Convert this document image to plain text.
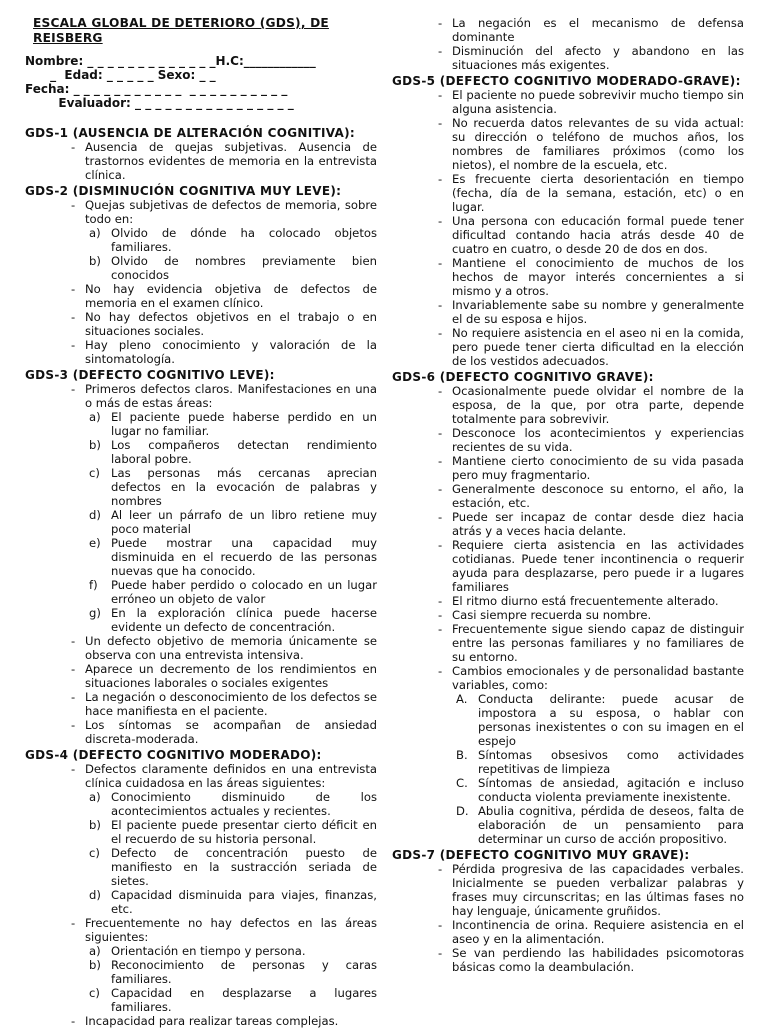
ESCALA GLOBAL DE DETERIORO (GDS), DE REISBERG
Nombre: _ _ _ _ _ _ _ _ _ _ _ _ _H.C:____________
_  Edad: _ _ _ _ _ Sexo: _ _
Fecha: _ _ _ _ _ _ _ _ _ _ _  _ _ _ _ _ _ _ _ _ _
Evaluador: _ _ _ _ _ _ _ _ _ _ _ _ _ _ _ _
GDS-1 (AUSENCIA DE ALTERACIÓN COGNITIVA):
- Ausencia de quejas subjetivas. Ausencia de trastornos evidentes de memoria en la entrevista clínica.
GDS-2 (DISMINUCIÓN COGNITIVA MUY LEVE):
- Quejas subjetivas de defectos de memoria, sobre todo en:
a) Olvido de dónde ha colocado objetos familiares.
b) Olvido de nombres previamente bien conocidos
- No hay evidencia objetiva de defectos de memoria en el examen clínico.
- No hay defectos objetivos en el trabajo o en situaciones sociales.
- Hay pleno conocimiento y valoración de la sintomatología.
GDS-3 (DEFECTO COGNITIVO LEVE):
- Primeros defectos claros. Manifestaciones en una o más de estas áreas:
a) El paciente puede haberse perdido en un lugar no familiar.
b) Los compañeros detectan rendimiento laboral pobre.
c) Las personas más cercanas aprecian defectos en la evocación de palabras y nombres
d) Al leer un párrafo de un libro retiene muy poco material
e) Puede mostrar una capacidad muy disminuida en el recuerdo de las personas nuevas que ha conocido.
f) Puede haber perdido o colocado en un lugar erróneo un objeto de valor
g) En la exploración clínica puede hacerse evidente un defecto de concentración.
- Un defecto objetivo de memoria únicamente se observa con una entrevista intensiva.
- Aparece un decremento de los rendimientos en situaciones laborales o sociales exigentes
- La negación o desconocimiento de los defectos se hace manifiesta en el paciente.
- Los síntomas se acompañan de ansiedad discreta-moderada.
GDS-4 (DEFECTO COGNITIVO MODERADO):
- Defectos claramente definidos en una entrevista clínica cuidadosa en las áreas siguientes:
a) Conocimiento disminuido de los acontecimientos actuales y recientes.
b) El paciente puede presentar cierto déficit en el recuerdo de su historia personal.
c) Defecto de concentración puesto de manifiesto en la sustracción seriada de sietes.
d) Capacidad disminuida para viajes, finanzas, etc.
- Frecuentemente no hay defectos en las áreas siguientes:
a) Orientación en tiempo y persona.
b) Reconocimiento de personas y caras familiares.
c) Capacidad en desplazarse a lugares familiares.
- Incapacidad para realizar tareas complejas.
- La negación es el mecanismo de defensa dominante
- Disminución del afecto y abandono en las situaciones más exigentes.
GDS-5 (DEFECTO COGNITIVO MODERADO-GRAVE):
- El paciente no puede sobrevivir mucho tiempo sin alguna asistencia.
- No recuerda datos relevantes de su vida actual: su dirección o teléfono de muchos años, los nombres de familiares próximos (como los nietos), el nombre de la escuela, etc.
- Es frecuente cierta desorientación en tiempo (fecha, día de la semana, estación, etc) o en lugar.
- Una persona con educación formal puede tener dificultad contando hacia atrás desde 40 de cuatro en cuatro, o desde 20 de dos en dos.
- Mantiene el conocimiento de muchos de los hechos de mayor interés concernientes a si mismo y a otros.
- Invariablemente sabe su nombre y generalmente el de su esposa e hijos.
- No requiere asistencia en el aseo ni en la comida, pero puede tener cierta dificultad en la elección de los vestidos adecuados.
GDS-6 (DEFECTO COGNITIVO GRAVE):
- Ocasionalmente puede olvidar el nombre de la esposa, de la que, por otra parte, depende totalmente para sobrevivir.
- Desconoce los acontecimientos y experiencias recientes de su vida.
- Mantiene cierto conocimiento de su vida pasada pero muy fragmentario.
- Generalmente desconoce su entorno, el año, la estación, etc.
- Puede ser incapaz de contar desde diez hacia atrás y a veces hacia delante.
- Requiere cierta asistencia en las actividades cotidianas. Puede tener incontinencia o requerir ayuda para desplazarse, pero puede ir a lugares familiares
- El ritmo diurno está frecuentemente alterado.
- Casi siempre recuerda su nombre.
- Frecuentemente sigue siendo capaz de distinguir entre las personas familiares y no familiares de su entorno.
- Cambios emocionales y de personalidad bastante variables, como:
A. Conducta delirante: puede acusar de impostora a su esposa, o hablar con personas inexistentes o con su imagen en el espejo
B. Síntomas obsesivos como actividades repetitivas de limpieza
C. Síntomas de ansiedad, agitación e incluso conducta violenta previamente inexistente.
D. Abulia cognitiva, pérdida de deseos, falta de elaboración de un pensamiento para determinar un curso de acción propositivo.
GDS-7 (DEFECTO COGNITIVO MUY GRAVE):
- Pérdida progresiva de las capacidades verbales. Inicialmente se pueden verbalizar palabras y frases muy circunscritas; en las últimas fases no hay lenguaje, únicamente gruñidos.
- Incontinencia de orina. Requiere asistencia en el aseo y en la alimentación.
- Se van perdiendo las habilidades psicomotoras básicas como la deambulación.
